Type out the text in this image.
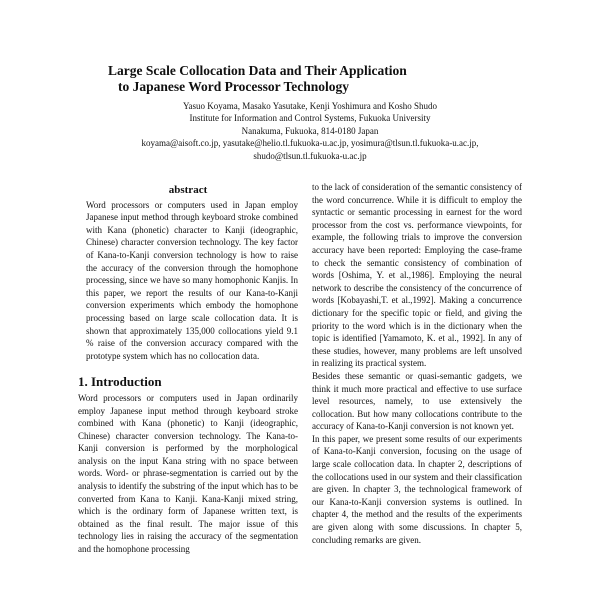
Large Scale Collocation Data and Their Application
to Japanese Word Processor Technology
Yasuo Koyama, Masako Yasutake, Kenji Yoshimura and Kosho Shudo
Institute for Information and Control Systems, Fukuoka University
Nanakuma, Fukuoka, 814-0180 Japan
koyama@aisoft.co.jp, yasutake@helio.tl.fukuoka-u.ac.jp, yosimura@tlsun.tl.fukuoka-u.ac.jp,
shudo@tlsun.tl.fukuoka-u.ac.jp
abstract

Word processors or computers used in Japan employ Japanese input method through keyboard stroke combined with Kana (phonetic) character to Kanji (ideographic, Chinese) character conversion technology. The key factor of Kana-to-Kanji conversion technology is how to raise the accuracy of the conversion through the homophone processing, since we have so many homophonic Kanjis. In this paper, we report the results of our Kana-to-Kanji conversion experiments which embody the homophone processing based on large scale collocation data. It is shown that approximately 135,000 collocations yield 9.1 % raise of the conversion accuracy compared with the prototype system which has no collocation data.

1. Introduction

Word processors or computers used in Japan ordinarily employ Japanese input method through keyboard stroke combined with Kana (phonetic) to Kanji (ideographic, Chinese) character conversion technology. The Kana-to-Kanji conversion is performed by the morphological analysis on the input Kana string with no space between words. Word- or phrase-segmentation is carried out by the analysis to identify the substring of the input which has to be converted from Kana to Kanji. Kana-Kanji mixed string, which is the ordinary form of Japanese written text, is obtained as the final result. The major issue of this technology lies in raising the accuracy of the segmentation and the homophone processing

to the lack of consideration of the semantic consistency of the word concurrence. While it is difficult to employ the syntactic or semantic processing in earnest for the word processor from the cost vs. performance viewpoints, for example, the following trials to improve the conversion accuracy have been reported: Employing the case-frame to check the semantic consistency of combination of words [Oshima, Y. et al.,1986]. Employing the neural network to describe the consistency of the concurrence of words [Kobayashi,T. et al.,1992]. Making a concurrence dictionary for the specific topic or field, and giving the priority to the word which is in the dictionary when the topic is identified [Yamamoto, K. et al., 1992]. In any of these studies, however, many problems are left unsolved in realizing its practical system.

Besides these semantic or quasi-semantic gadgets, we think it much more practical and effective to use surface level resources, namely, to use extensively the collocation. But how many collocations contribute to the accuracy of Kana-to-Kanji conversion is not known yet.

In this paper, we present some results of our experiments of Kana-to-Kanji conversion, focusing on the usage of large scale collocation data. In chapter 2, descriptions of the collocations used in our system and their classification are given. In chapter 3, the technological framework of our Kana-to-Kanji conversion systems is outlined. In chapter 4, the method and the results of the experiments are given along with some discussions. In chapter 5, concluding remarks are given.
